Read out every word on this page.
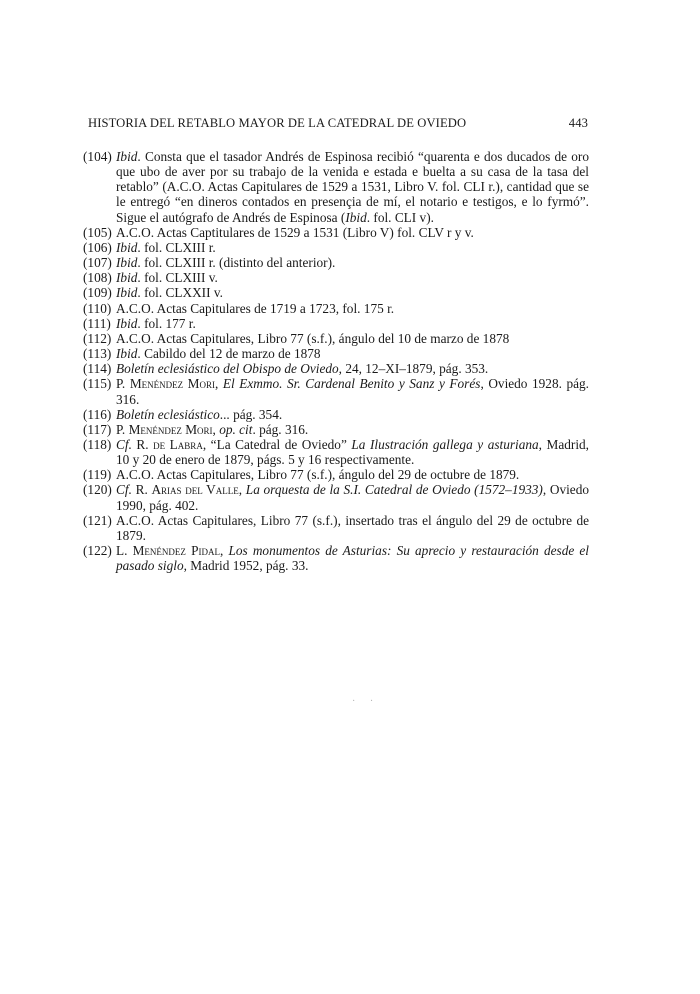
HISTORIA DEL RETABLO MAYOR DE LA CATEDRAL DE OVIEDO	443
(104) Ibid. Consta que el tasador Andrés de Espinosa recibió “quarenta e dos ducados de oro que ubo de aver por su trabajo de la venida e estada e buelta a su casa de la tasa del retablo” (A.C.O. Actas Capitulares de 1529 a 1531, Libro V. fol. CLI r.), cantidad que se le entregó “en dineros contados en presençia de mí, el notario e testigos, e lo fyrmó”. Sigue el autógrafo de Andrés de Espinosa (Ibid. fol. CLI v).
(105) A.C.O. Actas Captitulares de 1529 a 1531 (Libro V) fol. CLV r y v.
(106) Ibid. fol. CLXIII r.
(107) Ibid. fol. CLXIII r. (distinto del anterior).
(108) Ibid. fol. CLXIII v.
(109) Ibid. fol. CLXXII v.
(110) A.C.O. Actas Capitulares de 1719 a 1723, fol. 175 r.
(111) Ibid. fol. 177 r.
(112) A.C.O. Actas Capitulares, Libro 77 (s.f.), ángulo del 10 de marzo de 1878
(113) Ibid. Cabildo del 12 de marzo de 1878
(114) Boletín eclesiástico del Obispo de Oviedo, 24, 12–XI–1879, pág. 353.
(115) P. Menéndez Mori, El Exmmo. Sr. Cardenal Benito y Sanz y Forés, Oviedo 1928. pág. 316.
(116) Boletín eclesiástico... pág. 354.
(117) P. Menéndez Mori, op. cit. pág. 316.
(118) Cf. R. de Labra, “La Catedral de Oviedo” La Ilustración gallega y asturiana, Madrid, 10 y 20 de enero de 1879, págs. 5 y 16 respectivamente.
(119) A.C.O. Actas Capitulares, Libro 77 (s.f.), ángulo del 29 de octubre de 1879.
(120) Cf. R. Arias del Valle, La orquesta de la S.I. Catedral de Oviedo (1572–1933), Oviedo 1990, pág. 402.
(121) A.C.O. Actas Capitulares, Libro 77 (s.f.), insertado tras el ángulo del 29 de octubre de 1879.
(122) L. Menéndez Pidal, Los monumentos de Asturias: Su aprecio y restauración desde el pasado siglo, Madrid 1952, pág. 33.
· ·
